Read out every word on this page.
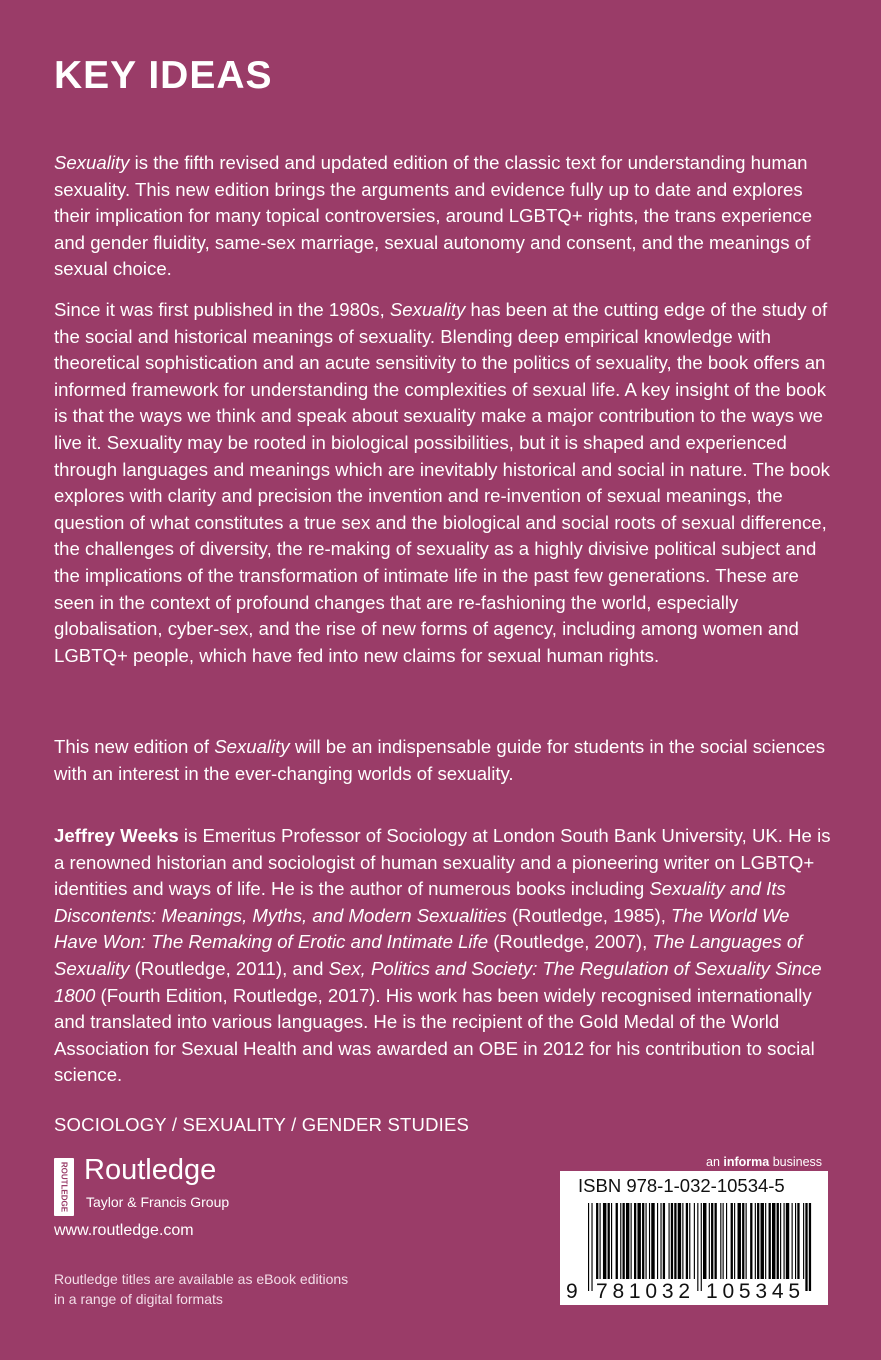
KEY IDEAS

Sexuality is the fifth revised and updated edition of the classic text for understanding human sexuality. This new edition brings the arguments and evidence fully up to date and explores their implication for many topical controversies, around LGBTQ+ rights, the trans experience and gender fluidity, same-sex marriage, sexual autonomy and consent, and the meanings of sexual choice.

Since it was first published in the 1980s, Sexuality has been at the cutting edge of the study of the social and historical meanings of sexuality. Blending deep empirical knowledge with theoretical sophistication and an acute sensitivity to the politics of sexuality, the book offers an informed framework for understanding the complexities of sexual life. A key insight of the book is that the ways we think and speak about sexuality make a major contribution to the ways we live it. Sexuality may be rooted in biological possibilities, but it is shaped and experienced through languages and meanings which are inevitably historical and social in nature. The book explores with clarity and precision the invention and re-invention of sexual meanings, the question of what constitutes a true sex and the biological and social roots of sexual difference, the challenges of diversity, the re-making of sexuality as a highly divisive political subject and the implications of the transformation of intimate life in the past few generations. These are seen in the context of profound changes that are re-fashioning the world, especially globalisation, cyber-sex, and the rise of new forms of agency, including among women and LGBTQ+ people, which have fed into new claims for sexual human rights.

This new edition of Sexuality will be an indispensable guide for students in the social sciences with an interest in the ever-changing worlds of sexuality.

Jeffrey Weeks is Emeritus Professor of Sociology at London South Bank University, UK. He is a renowned historian and sociologist of human sexuality and a pioneering writer on LGBTQ+ identities and ways of life. He is the author of numerous books including Sexuality and Its Discontents: Meanings, Myths, and Modern Sexualities (Routledge, 1985), The World We Have Won: The Remaking of Erotic and Intimate Life (Routledge, 2007), The Languages of Sexuality (Routledge, 2011), and Sex, Politics and Society: The Regulation of Sexuality Since 1800 (Fourth Edition, Routledge, 2017). His work has been widely recognised internationally and translated into various languages. He is the recipient of the Gold Medal of the World Association for Sexual Health and was awarded an OBE in 2012 for his contribution to social science.

SOCIOLOGY / SEXUALITY / GENDER STUDIES
ROUTLEDGE Routledge
Taylor & Francis Group
www.routledge.com
Routledge titles are available as eBook editions
in a range of digital formats
an informa business
ISBN 978-1-032-10534-5
9 781032 105345
